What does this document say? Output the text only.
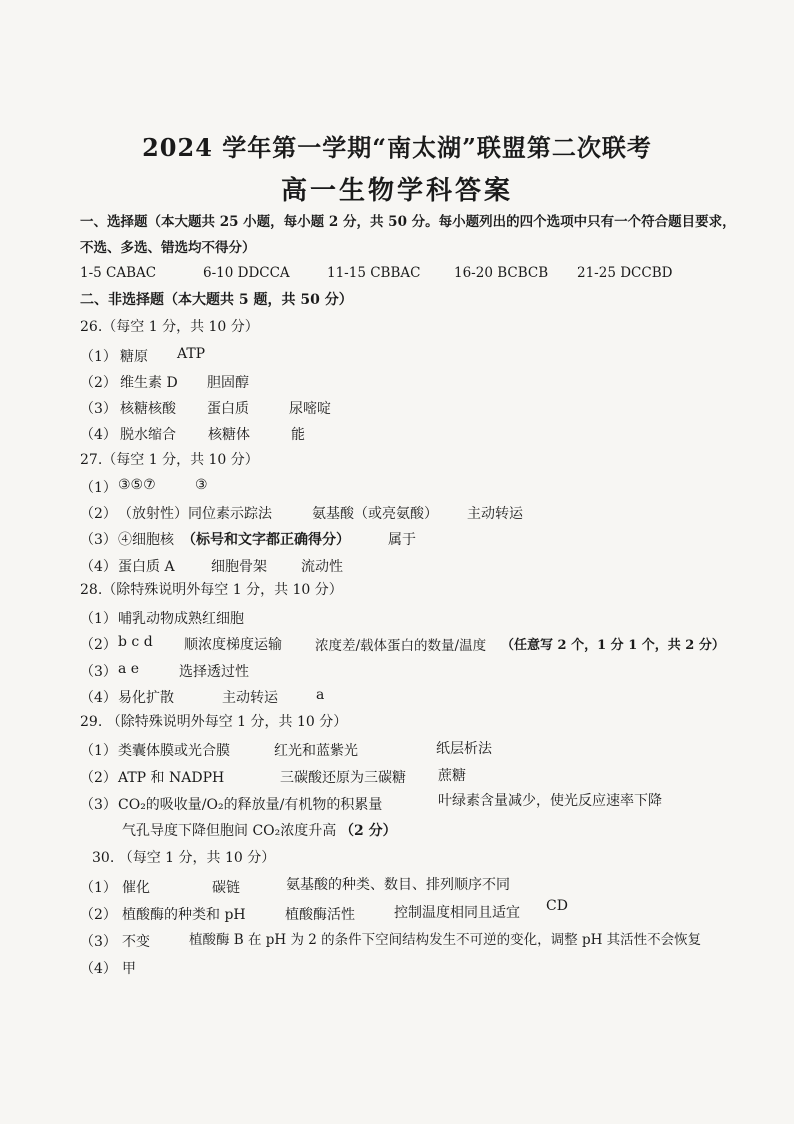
2024 学年第一学期“南太湖”联盟第二次联考
高一生物学科答案
一、选择题（本大题共 25 小题，每小题 2 分，共 50 分。每小题列出的四个选项中只有一个符合题目要求，
不选、多选、错选均不得分）
1-5 CABAC	6-10 DDCCA	11-15 CBBAC 16-20 BCBCB 21-25 DCCBD
二、非选择题（本大题共 5 题，共 50 分）
26.（每空 1 分，共 10 分）
（1） 糖原 ATP
（2） 维生素 D 胆固醇
（3） 核糖核酸 蛋白质	尿嘧啶
（4） 脱水缩合 核糖体	能
27.（每空 1 分，共 10 分）
（1） ③⑤⑦	③
（2） （放射性）同位素示踪法	氨基酸（或亮氨酸） 主动转运
（3） ④细胞核 （标号和文字都正确得分）	属于
（4） 蛋白质 A	细胞骨架 流动性
28.（除特殊说明外每空 1 分，共 10 分）
（1） 哺乳动物成熟红细胞
（2） b c d 顺浓度梯度运输 浓度差/载体蛋白的数量/温度 （任意写 2 个，1 分 1 个，共 2 分）
（3） a e	选择透过性
（4） 易化扩散	主动转运	a
29. （除特殊说明外每空 1 分，共 10 分）
（1） 类囊体膜或光合膜	红光和蓝紫光	纸层析法
（2） ATP 和 NADPH	三碳酸还原为三碳糖 蔗糖
（3） CO₂的吸收量/O₂的释放量/有机物的积累量	叶绿素含量减少，使光反应速率下降
气孔导度下降但胞间 CO₂浓度升高 （2 分）
30. （每空 1 分，共 10 分）
（1） 催化	碳链	氨基酸的种类、数目、排列顺序不同
（2） 植酸酶的种类和 pH	植酸酶活性	控制温度相同且适宜 CD
（3） 不变	植酸酶 B 在 pH 为 2 的条件下空间结构发生不可逆的变化，调整 pH 其活性不会恢复
（4） 甲
